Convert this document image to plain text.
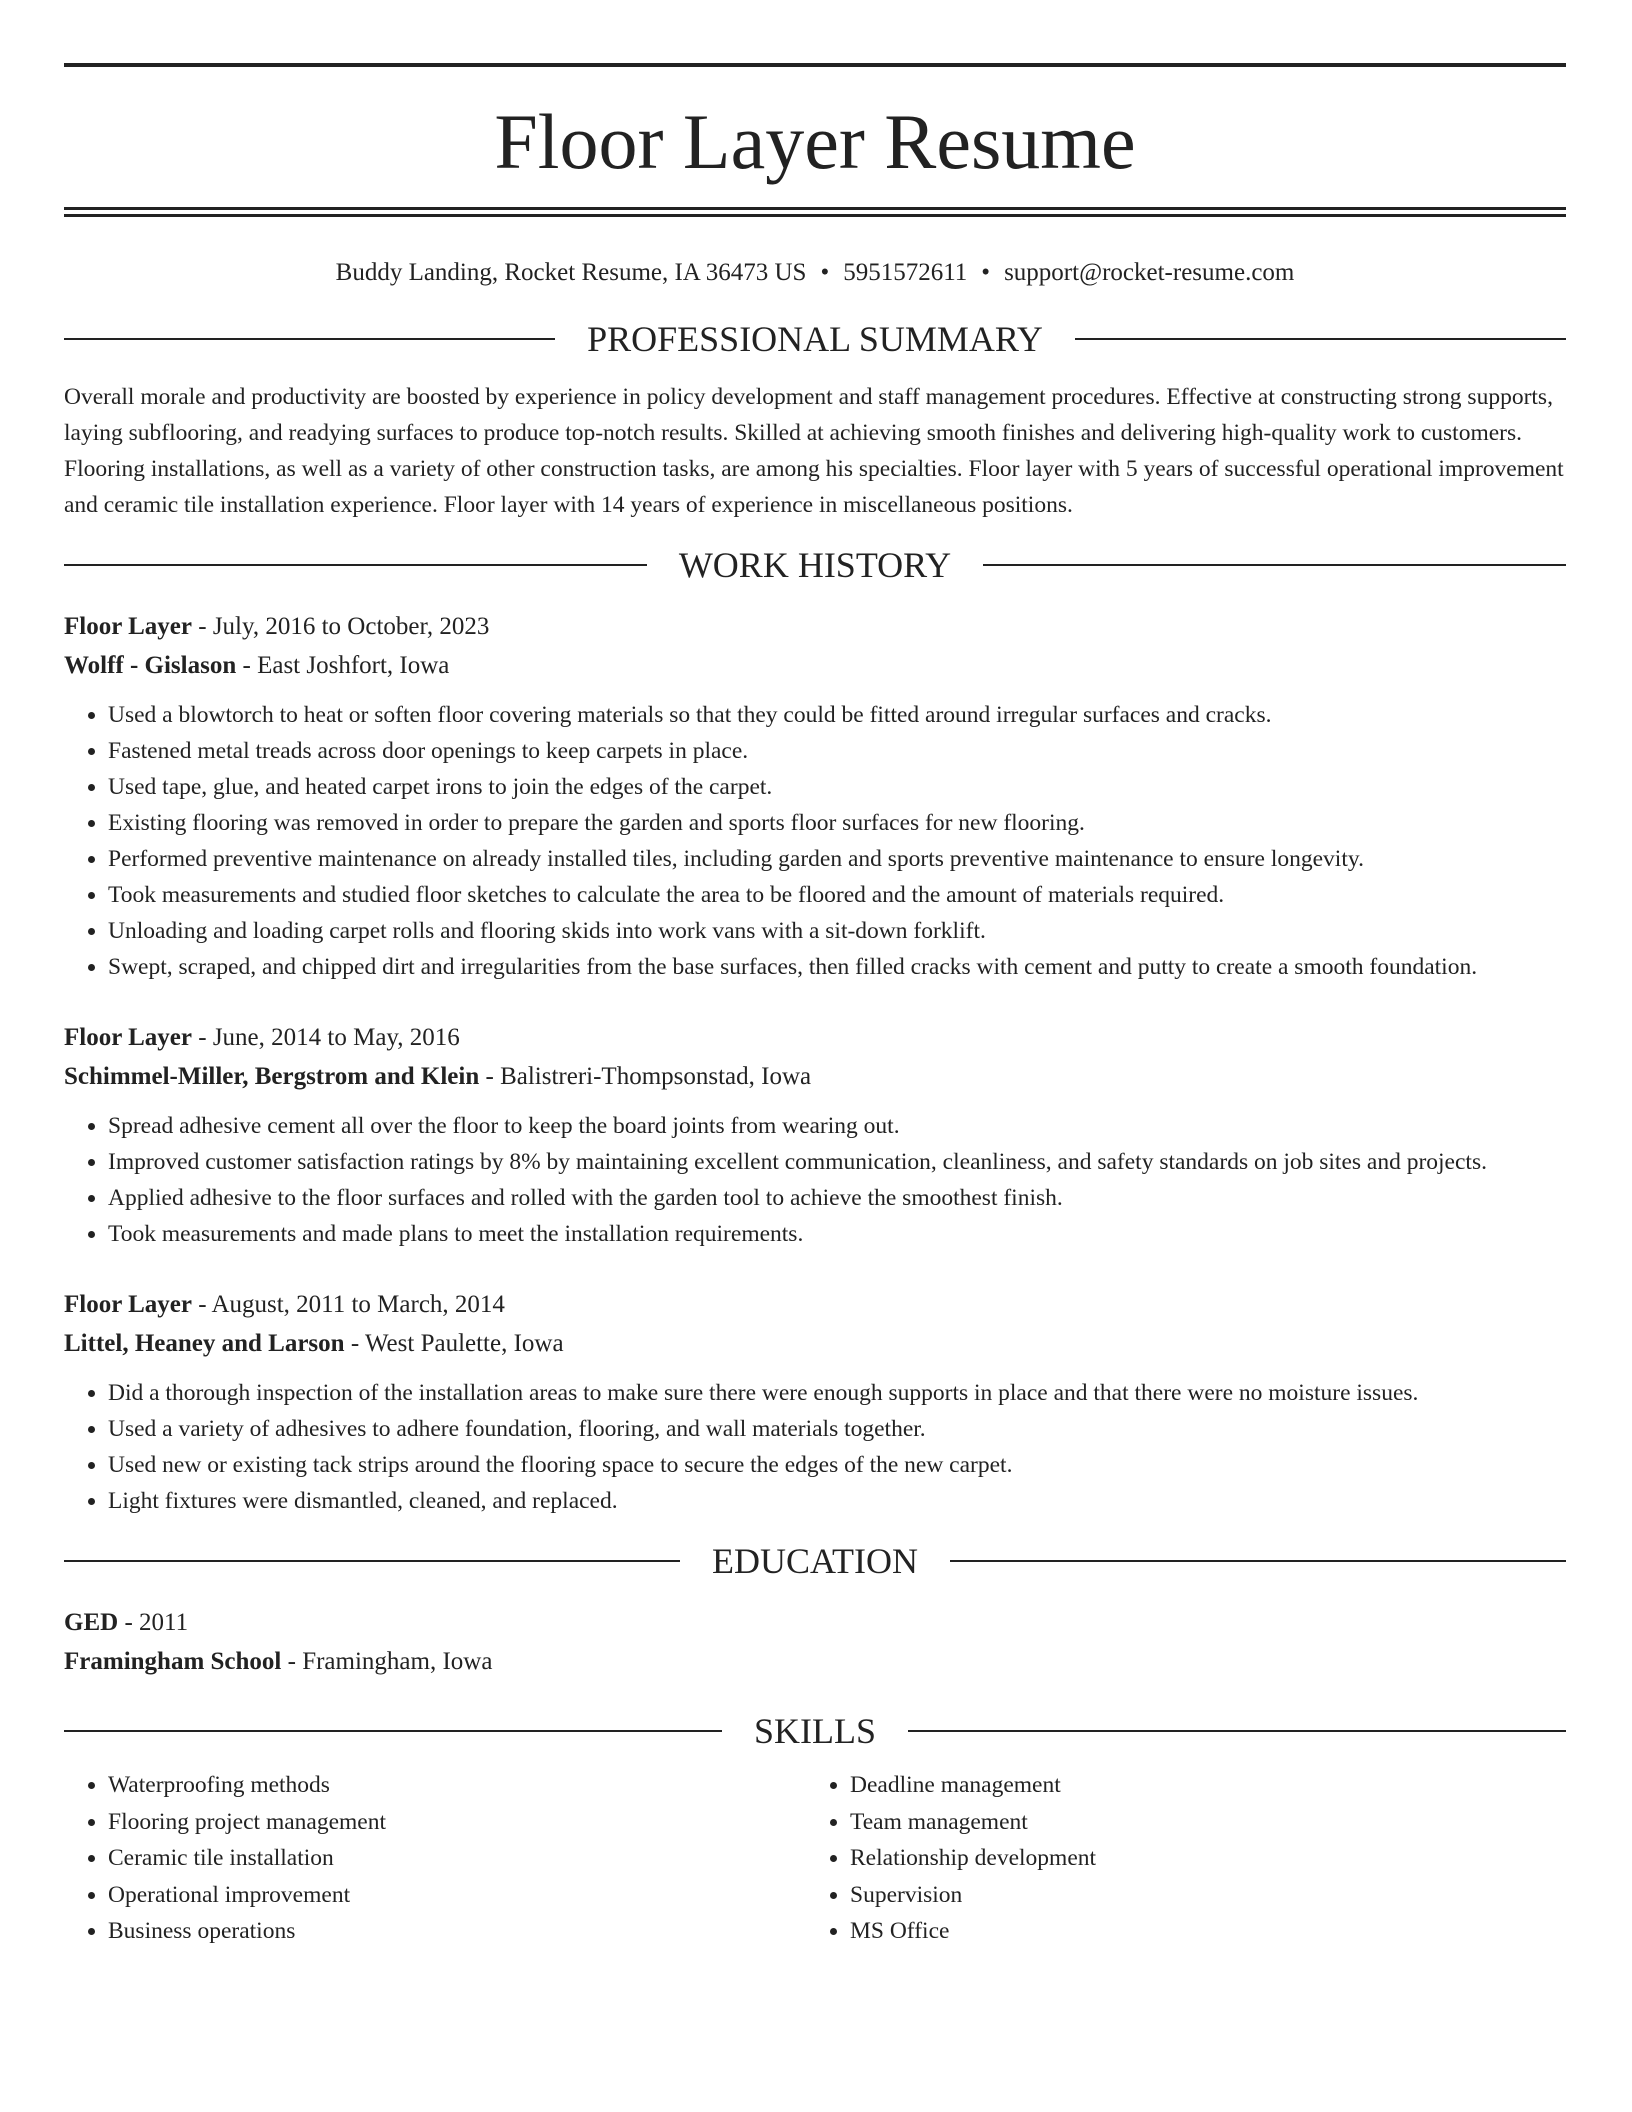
Floor Layer Resume
Buddy Landing, Rocket Resume, IA 36473 US • 5951572611 • support@rocket-resume.com
PROFESSIONAL SUMMARY

Overall morale and productivity are boosted by experience in policy development and staff management procedures. Effective at constructing strong supports, laying subflooring, and readying surfaces to produce top-notch results. Skilled at achieving smooth finishes and delivering high-quality work to customers. Flooring installations, as well as a variety of other construction tasks, are among his specialties. Floor layer with 5 years of successful operational improvement and ceramic tile installation experience. Floor layer with 14 years of experience in miscellaneous positions.

WORK HISTORY
Floor Layer - July, 2016 to October, 2023
Wolff - Gislason - East Joshfort, Iowa
• Used a blowtorch to heat or soften floor covering materials so that they could be fitted around irregular surfaces and cracks.
• Fastened metal treads across door openings to keep carpets in place.
• Used tape, glue, and heated carpet irons to join the edges of the carpet.
• Existing flooring was removed in order to prepare the garden and sports floor surfaces for new flooring.
• Performed preventive maintenance on already installed tiles, including garden and sports preventive maintenance to ensure longevity.
• Took measurements and studied floor sketches to calculate the area to be floored and the amount of materials required.
• Unloading and loading carpet rolls and flooring skids into work vans with a sit-down forklift.
• Swept, scraped, and chipped dirt and irregularities from the base surfaces, then filled cracks with cement and putty to create a smooth foundation.
Floor Layer - June, 2014 to May, 2016
Schimmel-Miller, Bergstrom and Klein - Balistreri-Thompsonstad, Iowa
• Spread adhesive cement all over the floor to keep the board joints from wearing out.
• Improved customer satisfaction ratings by 8% by maintaining excellent communication, cleanliness, and safety standards on job sites and projects.
• Applied adhesive to the floor surfaces and rolled with the garden tool to achieve the smoothest finish.
• Took measurements and made plans to meet the installation requirements.
Floor Layer - August, 2011 to March, 2014
Littel, Heaney and Larson - West Paulette, Iowa
• Did a thorough inspection of the installation areas to make sure there were enough supports in place and that there were no moisture issues.
• Used a variety of adhesives to adhere foundation, flooring, and wall materials together.
• Used new or existing tack strips around the flooring space to secure the edges of the new carpet.
• Light fixtures were dismantled, cleaned, and replaced.
EDUCATION
GED - 2011
Framingham School - Framingham, Iowa
SKILLS
• Waterproofing methods
• Flooring project management
• Ceramic tile installation
• Operational improvement
• Business operations
• Deadline management
• Team management
• Relationship development
• Supervision
• MS Office
